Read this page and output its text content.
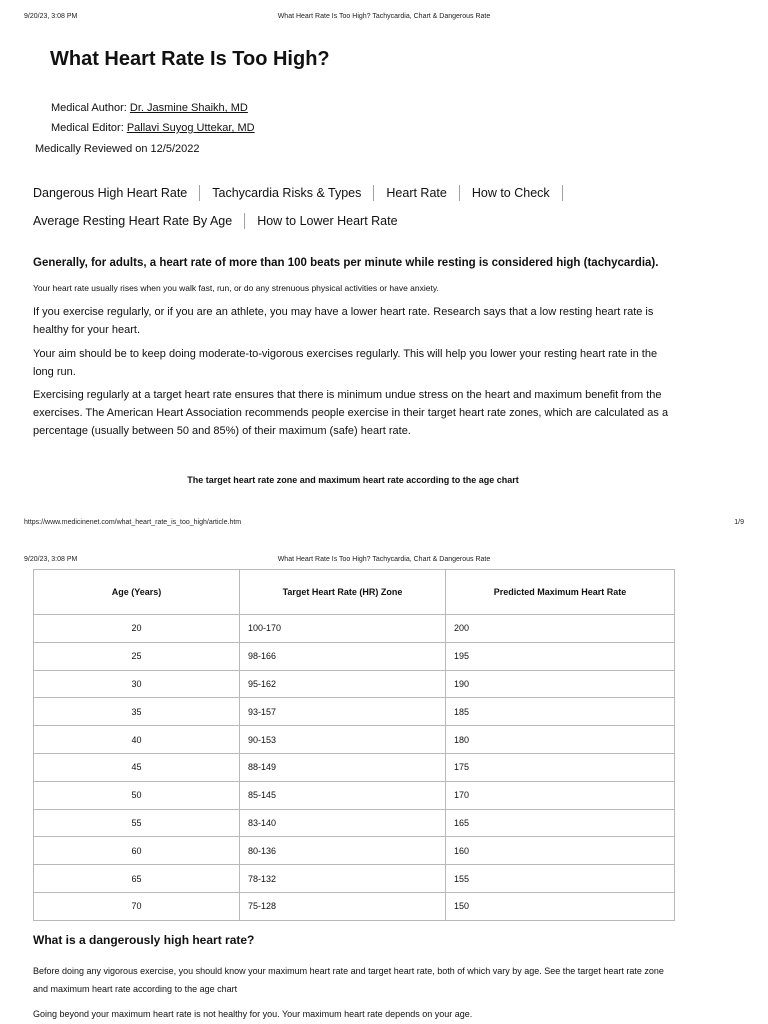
9/20/23, 3:08 PM	What Heart Rate Is Too High? Tachycardia, Chart & Dangerous Rate
What Heart Rate Is Too High?
Medical Author: Dr. Jasmine Shaikh, MD
Medical Editor: Pallavi Suyog Uttekar, MD
Medically Reviewed on 12/5/2022
Dangerous High Heart Rate Tachycardia Risks & Types Heart Rate How to Check
Average Resting Heart Rate By Age How to Lower Heart Rate

Generally, for adults, a heart rate of more than 100 beats per minute while resting is considered high (tachycardia).

Your heart rate usually rises when you walk fast, run, or do any strenuous physical activities or have anxiety.

If you exercise regularly, or if you are an athlete, you may have a lower heart rate. Research says that a low resting heart rate is healthy for your heart.

Your aim should be to keep doing moderate-to-vigorous exercises regularly. This will help you lower your resting heart rate in the long run.

Exercising regularly at a target heart rate ensures that there is minimum undue stress on the heart and maximum benefit from the exercises. The American Heart Association recommends people exercise in their target heart rate zones, which are calculated as a percentage (usually between 50 and 85%) of their maximum (safe) heart rate.

The target heart rate zone and maximum heart rate according to the age chart
https://www.medicinenet.com/what_heart_rate_is_too_high/article.htm	1/9
9/20/23, 3:08 PM	What Heart Rate Is Too High? Tachycardia, Chart & Dangerous Rate
Age (Years)	Target Heart Rate (HR) Zone	Predicted Maximum Heart Rate
20	100-170	200
25	98-166	195
30	95-162	190
35	93-157	185
40	90-153	180
45	88-149	175
50	85-145	170
55	83-140	165
60	80-136	160
65	78-132	155
70	75-128	150
What is a dangerously high heart rate?

Before doing any vigorous exercise, you should know your maximum heart rate and target heart rate, both of which vary by age. See the target heart rate zone and maximum heart rate according to the age chart

Going beyond your maximum heart rate is not healthy for you. Your maximum heart rate depends on your age.
